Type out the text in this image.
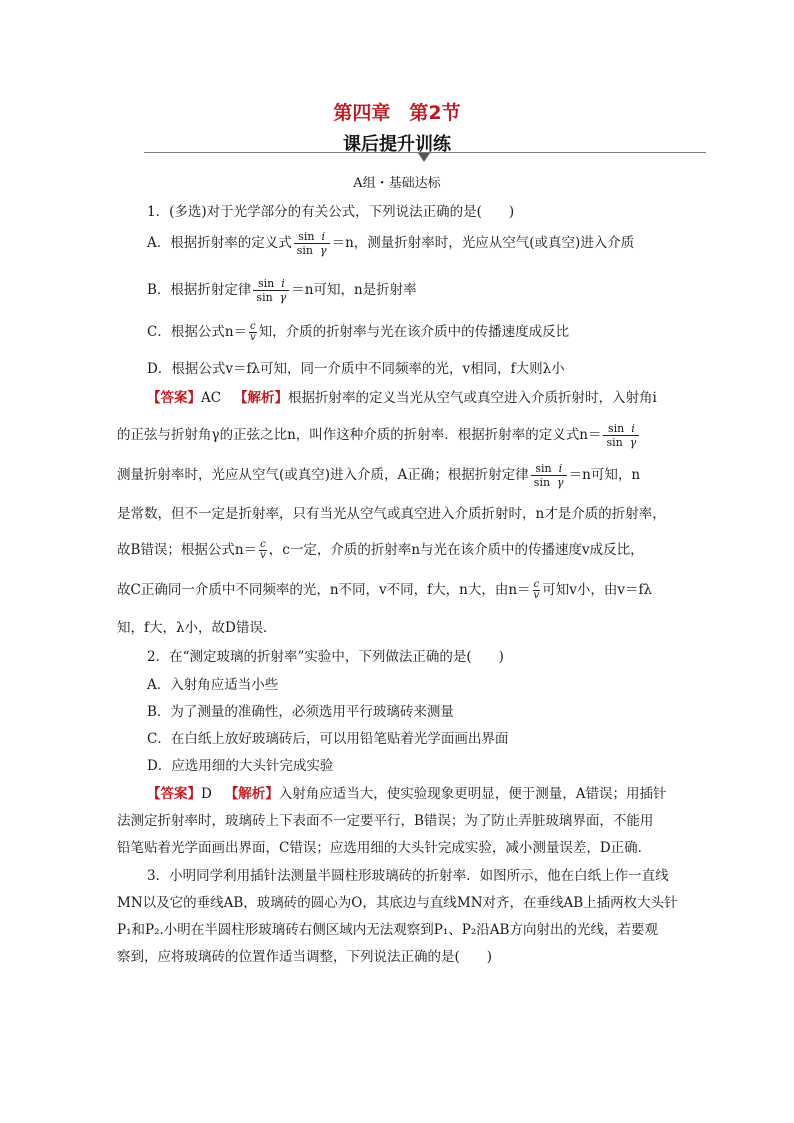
第四章　第2节
课后提升训练
A组・基础达标
1．(多选)对于光学部分的有关公式，下列说法正确的是(　　)
A．根据折射率的定义式 $\frac{\text{sin i}}{\text{sin γ}} =n$，测量折射率时，光应从空气(或真空)进入介质
B．根据折射定律 $\frac{\text{sin i}}{\text{sin γ}} =n$可知，n是折射率
C．根据公式$n= \frac{c}{v}$ 知，介质的折射率与光在该介质中的传播速度成反比
D．根据公式v＝fλ可知，同一介质中不同频率的光，v相同，f大则λ小
【答案】AC 【解析】根据折射率的定义当光从空气或真空进入介质折射时，入射角i
的正弦与折射角γ的正弦之比n，叫作这种介质的折射率．根据折射率的定义式$n= \frac{\text{sin i}}{\text{sin γ}}$
测量折射率时，光应从空气(或真空)进入介质，A正确；根据折射定律 $\frac{\text{sin i}}{\text{sin γ}} =n$可知，n
是常数，但不一定是折射率，只有当光从空气或真空进入介质折射时，n才是介质的折射率，
故B错误；根据公式$n= \frac{c}{v}$ ，c一定，介质的折射率n与光在该介质中的传播速度v成反比，
故C正确同一介质中不同频率的光，n不同，v不同，f大，n大，由$n= \frac{c}{v}$ 可知v小，由v＝fλ
知，f大，λ小，故D错误．
2．在“测定玻璃的折射率”实验中，下列做法正确的是(　　)
A．入射角应适当小些
B．为了测量的准确性，必须选用平行玻璃砖来测量
C．在白纸上放好玻璃砖后，可以用铅笔贴着光学面画出界面
D．应选用细的大头针完成实验
【答案】D 【解析】入射角应适当大，使实验现象更明显，便于测量，A错误；用插针
法测定折射率时，玻璃砖上下表面不一定要平行，B错误；为了防止弄脏玻璃界面，不能用
铅笔贴着光学面画出界面，C错误；应选用细的大头针完成实验，减小测量误差，D正确．
3．小明同学利用插针法测量半圆柱形玻璃砖的折射率．如图所示，他在白纸上作一直线
MN以及它的垂线AB，玻璃砖的圆心为O，其底边与直线MN对齐，在垂线AB上插两枚大头针
P₁和P₂.小明在半圆柱形玻璃砖右侧区域内无法观察到P₁、P₂沿AB方向射出的光线，若要观
察到，应将玻璃砖的位置作适当调整，下列说法正确的是(　　)
